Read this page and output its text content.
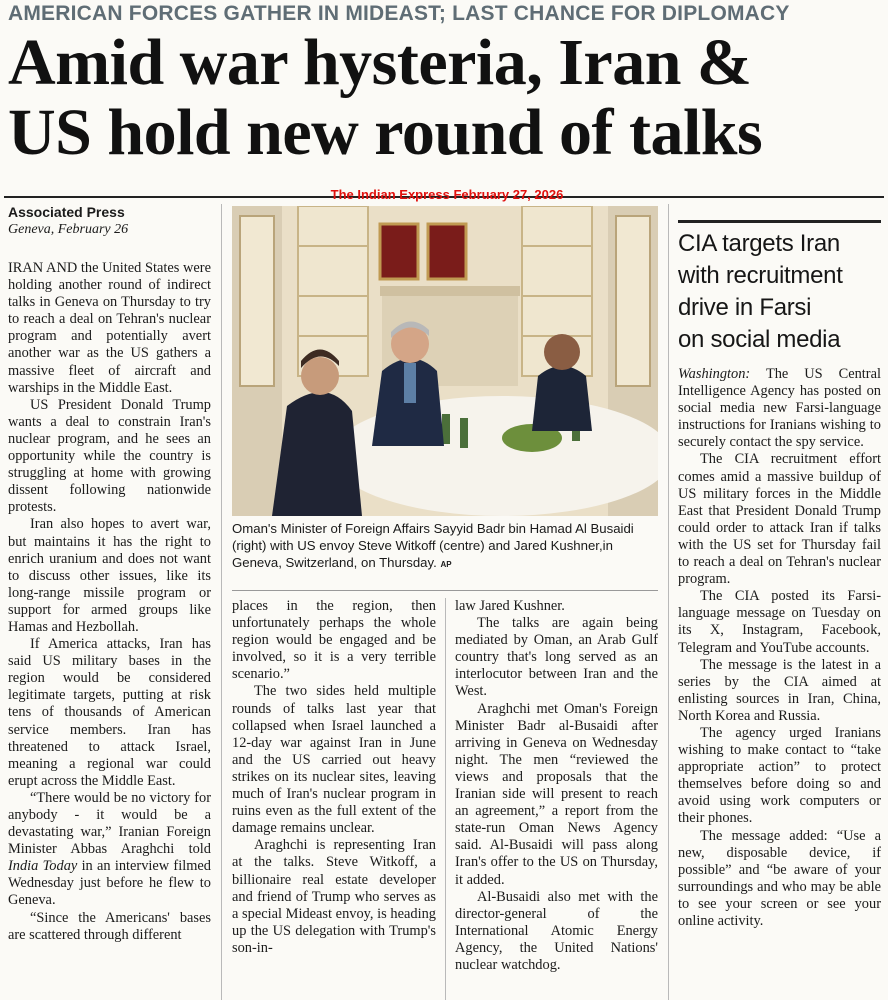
AMERICAN FORCES GATHER IN MIDEAST; LAST CHANCE FOR DIPLOMACY
Amid war hysteria, Iran &
US hold new round of talks
The Indian Express February 27, 2026
Associated Press
Geneva, February 26

IRAN AND the United States were holding another round of indirect talks in Geneva on Thursday to try to reach a deal on Tehran's nuclear program and potentially avert another war as the US gathers a massive fleet of aircraft and warships in the Middle East.

US President Donald Trump wants a deal to constrain Iran's nuclear program, and he sees an opportunity while the country is struggling at home with growing dissent following nationwide protests.

Iran also hopes to avert war, but maintains it has the right to enrich uranium and does not want to discuss other issues, like its long-range missile program or support for armed groups like Hamas and Hezbollah.

If America attacks, Iran has said US military bases in the region would be considered legitimate targets, putting at risk tens of thousands of American service members. Iran has threatened to attack Israel, meaning a regional war could erupt across the Middle East.

“There would be no victory for anybody - it would be a devastating war,” Iranian Foreign Minister Abbas Araghchi told India Today in an interview filmed Wednesday just before he flew to Geneva.

“Since the Americans' bases are scattered through different

Oman's Minister of Foreign Affairs Sayyid Badr bin Hamad Al Busaidi (right) with US envoy Steve Witkoff (centre) and Jared Kushner,in Geneva, Switzerland, on Thursday. AP

places in the region, then unfortunately perhaps the whole region would be engaged and be involved, so it is a very terrible scenario.”

The two sides held multiple rounds of talks last year that collapsed when Israel launched a 12-day war against Iran in June and the US carried out heavy strikes on its nuclear sites, leaving much of Iran's nuclear program in ruins even as the full extent of the damage remains unclear.

Araghchi is representing Iran at the talks. Steve Witkoff, a billionaire real estate developer and friend of Trump who serves as a special Mideast envoy, is heading up the US delegation with Trump's son-in-

law Jared Kushner.

The talks are again being mediated by Oman, an Arab Gulf country that's long served as an interlocutor between Iran and the West.

Araghchi met Oman's Foreign Minister Badr al-Busaidi after arriving in Geneva on Wednesday night. The men “reviewed the views and proposals that the Iranian side will present to reach an agreement,” a report from the state-run Oman News Agency said. Al-Busaidi will pass along Iran's offer to the US on Thursday, it added.

Al-Busaidi also met with the director-general of the International Atomic Energy Agency, the United Nations' nuclear watchdog.

CIA targets Iran
with recruitment
drive in Farsi
on social media

Washington: The US Central Intelligence Agency has posted on social media new Farsi-language instructions for Iranians wishing to securely contact the spy service.

The CIA recruitment effort comes amid a massive buildup of US military forces in the Middle East that President Donald Trump could order to attack Iran if talks with the US set for Thursday fail to reach a deal on Tehran's nuclear program.

The CIA posted its Farsi-language message on Tuesday on its X, Instagram, Facebook, Telegram and YouTube accounts.

The message is the latest in a series by the CIA aimed at enlisting sources in Iran, China, North Korea and Russia.

The agency urged Iranians wishing to make contact to “take appropriate action” to protect themselves before doing so and avoid using work computers or their phones.

The message added: “Use a new, disposable device, if possible” and “be aware of your surroundings and who may be able to see your screen or see your online activity.
